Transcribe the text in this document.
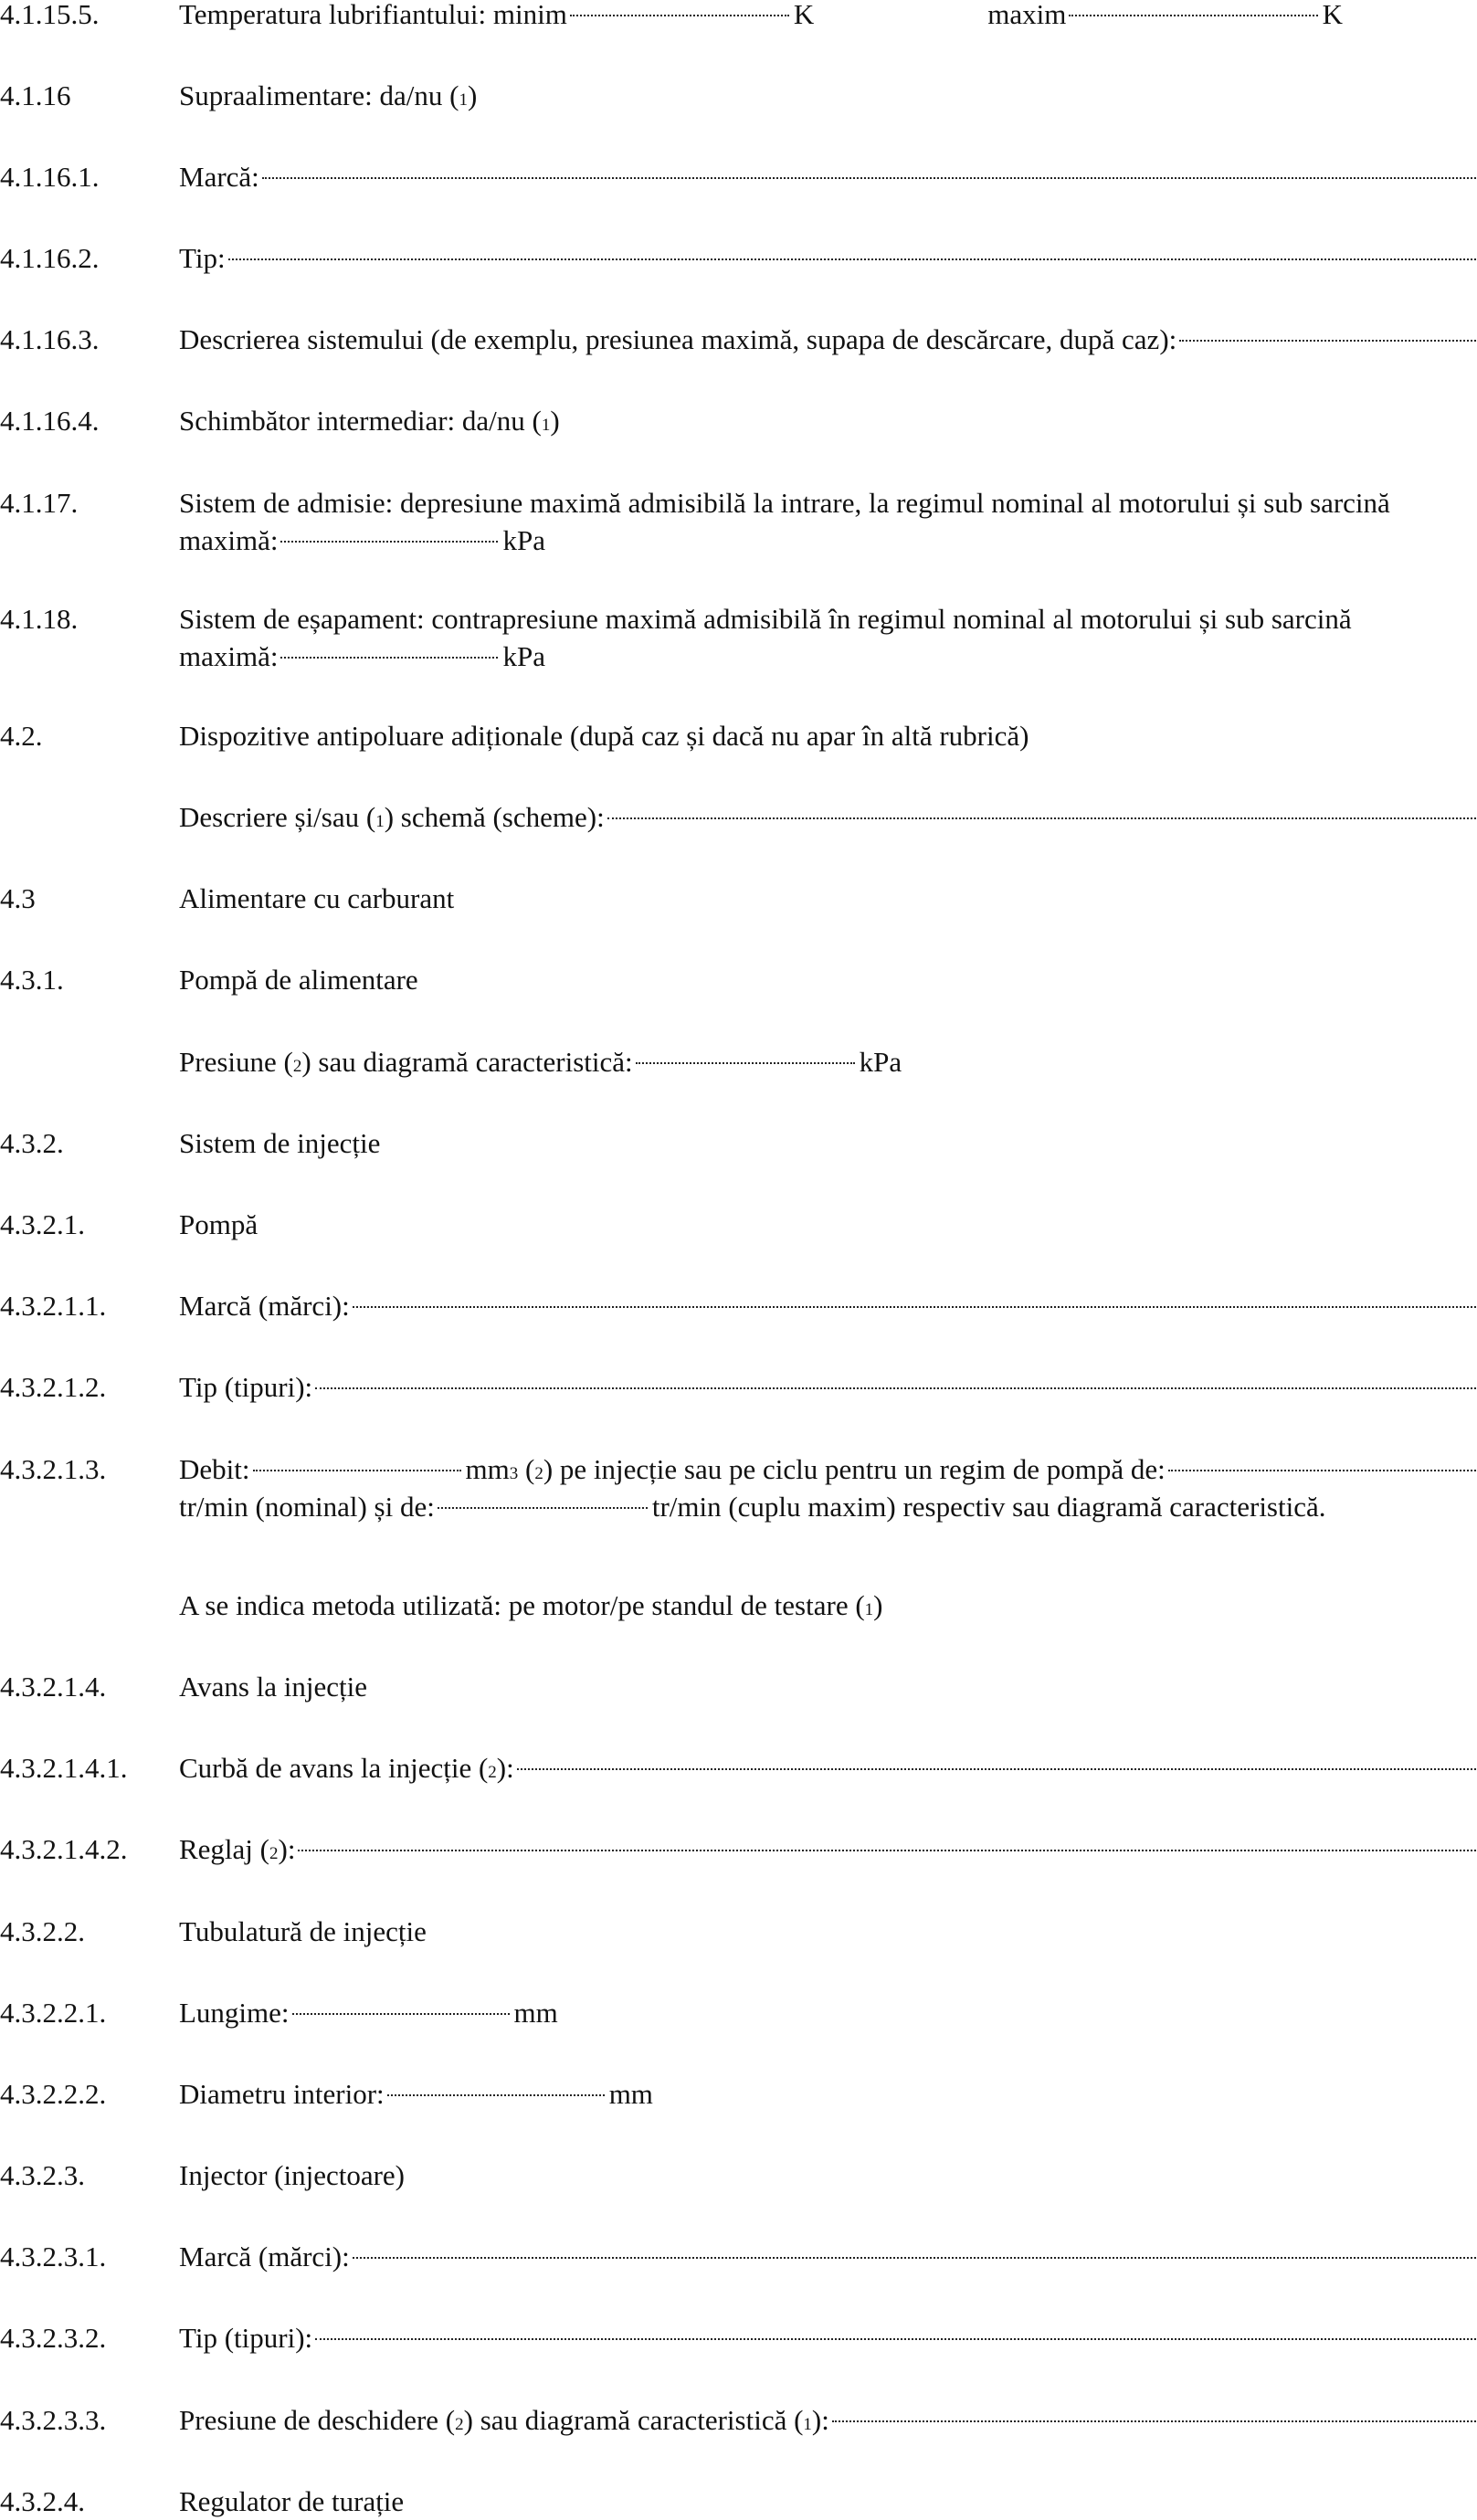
4.1.15.5.	Temperatura lubrifiantului: minim	K	maxim	K
4.1.16	Supraalimentare: da/nu ( 1 )
4.1.16.1.	Marcă:
4.1.16.2.	Tip:
4.1.16.3.	Descrierea sistemului (de exemplu, presiunea maximă, supapa de descărcare, după caz):
4.1.16.4.	Schimbător intermediar: da/nu ( 1 )
4.1.17.	Sistem de admisie: depresiune maximă admisibilă la intrare, la regimul nominal al motorului și sub sarcină
maximă:	kPa
4.1.18.	Sistem de eșapament: contrapresiune maximă admisibilă în regimul nominal al motorului și sub sarcină
maximă:	kPa
4.2.	Dispozitive antipoluare adiționale (după caz și dacă nu apar în altă rubrică)
Descriere și/sau ( 1 ) schemă (scheme):
4.3	Alimentare cu carburant
4.3.1.	Pompă de alimentare
Presiune ( 2 ) sau diagramă caracteristică:	kPa
4.3.2.	Sistem de injecție
4.3.2.1.	Pompă
4.3.2.1.1.	Marcă (mărci):
4.3.2.1.2.	Tip (tipuri):
4.3.2.1.3.	Debit:	mm 3 ( 2 ) pe injecție sau pe ciclu pentru un regim de pompă de:
tr/min (nominal) și de:	tr/min (cuplu maxim) respectiv sau diagramă caracteristică.
A se indica metoda utilizată: pe motor/pe standul de testare ( 1 )
4.3.2.1.4.	Avans la injecție
4.3.2.1.4.1. Curbă de avans la injecție ( 2 ):
4.3.2.1.4.2. Reglaj ( 2 ):
4.3.2.2.	Tubulatură de injecție
4.3.2.2.1.	Lungime:	mm
4.3.2.2.2.	Diametru interior:	mm
4.3.2.3.	Injector (injectoare)
4.3.2.3.1.	Marcă (mărci):
4.3.2.3.2.	Tip (tipuri):
4.3.2.3.3.	Presiune de deschidere ( 2 ) sau diagramă caracteristică ( 1 ):
4.3.2.4.	Regulator de turație
